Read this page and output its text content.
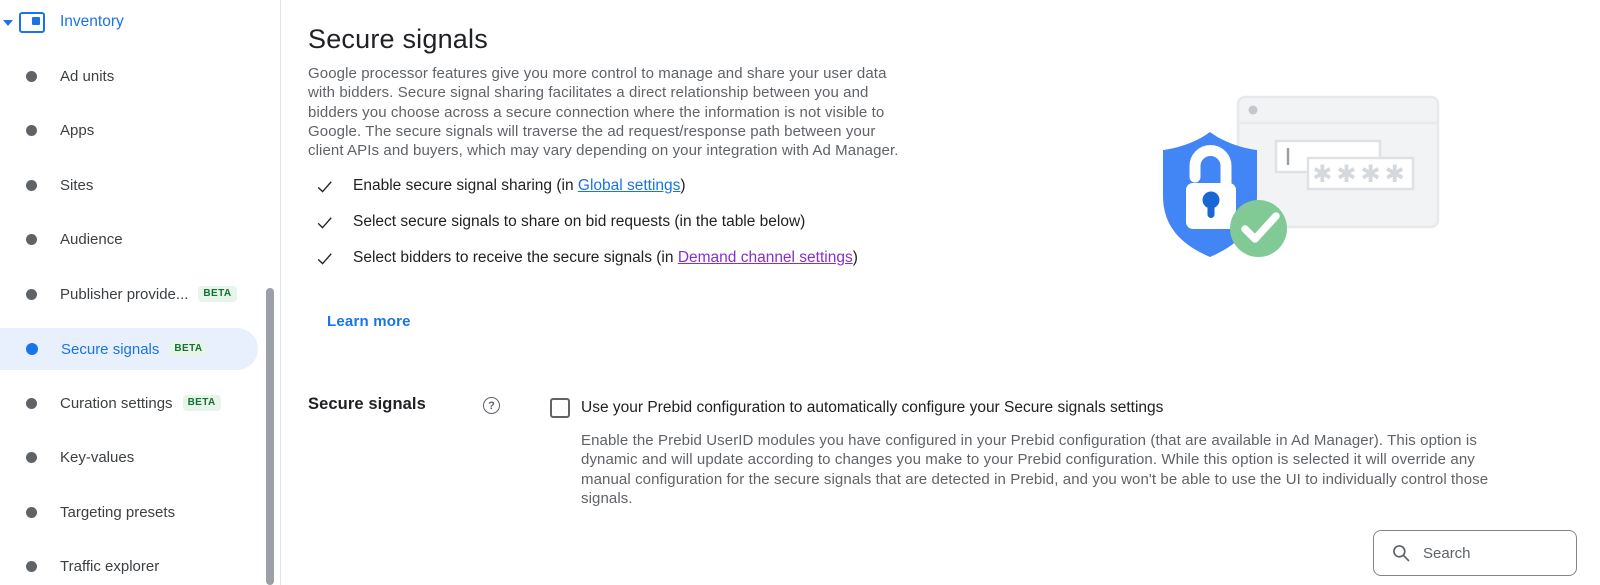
Inventory
Ad units
Apps
Sites
Audience
Publisher provide...	BETA
Secure signals	BETA
Curation settings	BETA
Key-values
Targeting presets
Traffic explorer
Secure signals
Google processor features give you more control to manage and share your user data
with bidders. Secure signal sharing facilitates a direct relationship between you and
bidders you choose across a secure connection where the information is not visible to
Google. The secure signals will traverse the ad request/response path between your
client APIs and buyers, which may vary depending on your integration with Ad Manager.
Enable secure signal sharing (in Global settings)
Select secure signals to share on bid requests (in the table below)
Select bidders to receive the secure signals (in Demand channel settings)
Learn more
Secure signals	?	Use your Prebid configuration to automatically configure your Secure signals settings
Enable the Prebid UserID modules you have configured in your Prebid configuration (that are available in Ad Manager). This option is
dynamic and will update according to changes you make to your Prebid configuration. While this option is selected it will override any
manual configuration for the secure signals that are detected in Prebid, and you won't be able to use the UI to individually control those
signals.
Search
✱✱✱✱
